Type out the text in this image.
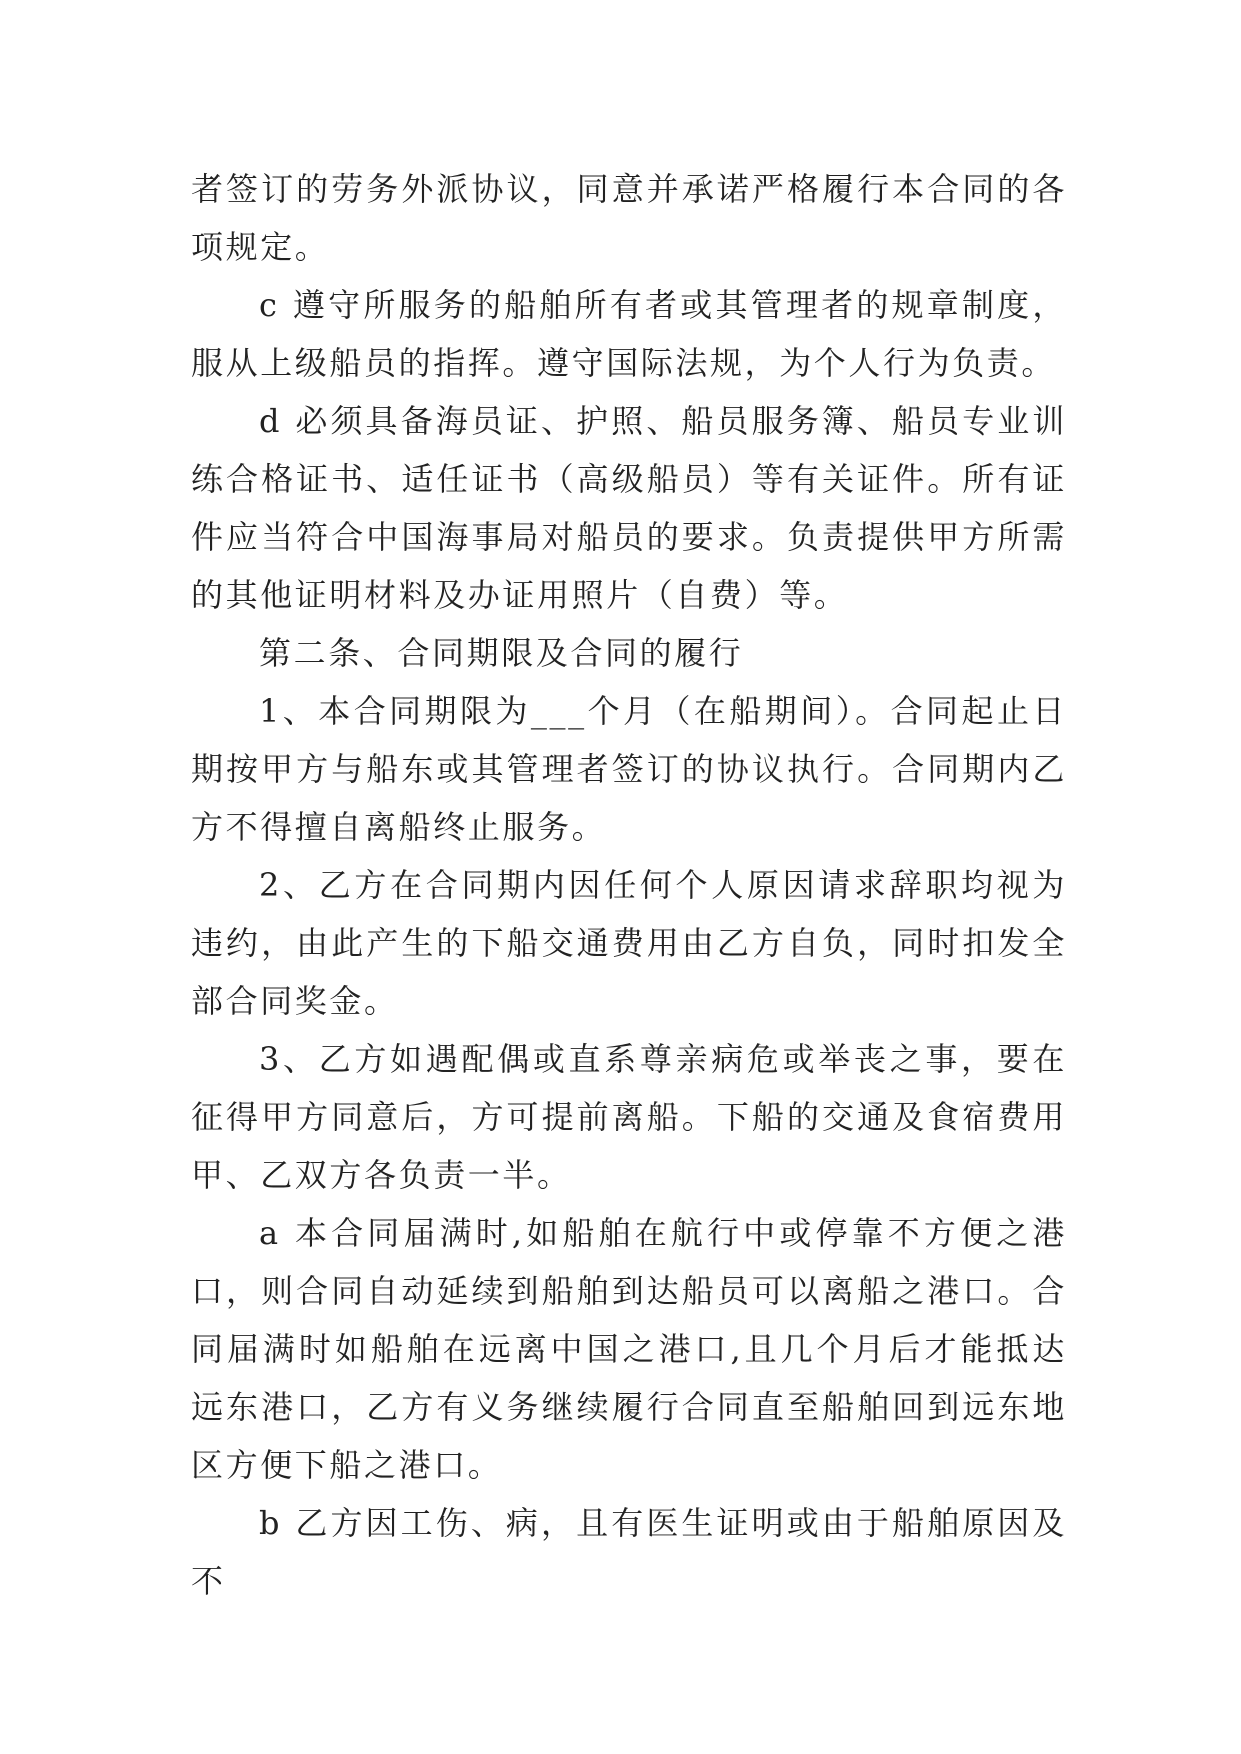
者签订的劳务外派协议，同意并承诺严格履行本合同的各项规定。

c 遵守所服务的船舶所有者或其管理者的规章制度，服从上级船员的指挥。遵守国际法规，为个人行为负责。

d 必须具备海员证、护照、船员服务簿、船员专业训练合格证书、适任证书（高级船员）等有关证件。所有证件应当符合中国海事局对船员的要求。负责提供甲方所需的其他证明材料及办证用照片（自费）等。

第二条、合同期限及合同的履行

1、本合同期限为___个月（在船期间）。合同起止日期按甲方与船东或其管理者签订的协议执行。合同期内乙方不得擅自离船终止服务。

2、乙方在合同期内因任何个人原因请求辞职均视为违约，由此产生的下船交通费用由乙方自负，同时扣发全部合同奖金。

3、乙方如遇配偶或直系尊亲病危或举丧之事，要在征得甲方同意后，方可提前离船。下船的交通及食宿费用甲、乙双方各负责一半。

a 本合同届满时,如船舶在航行中或停靠不方便之港口，则合同自动延续到船舶到达船员可以离船之港口。合同届满时如船舶在远离中国之港口,且几个月后才能抵达远东港口，乙方有义务继续履行合同直至船舶回到远东地区方便下船之港口。

b 乙方因工伤、病，且有医生证明或由于船舶原因及不
